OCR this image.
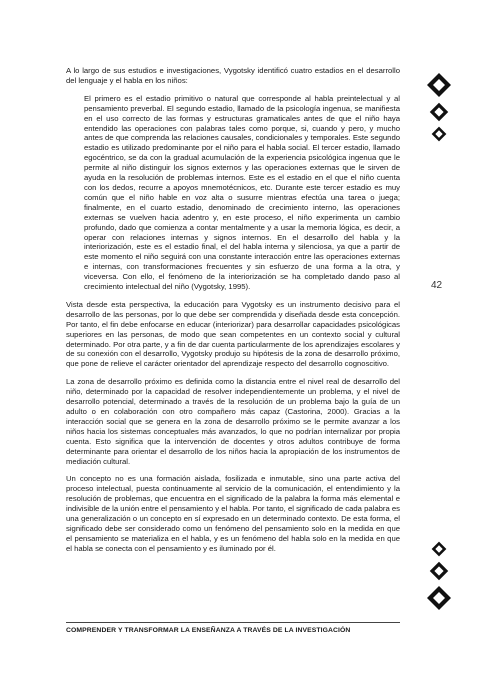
A lo largo de sus estudios e investigaciones, Vygotsky identificó cuatro estadios en el desarrollo del lenguaje y el habla en los niños:

El primero es el estadio primitivo o natural que corresponde al habla preintelectual y al pensamiento preverbal. El segundo estadio, llamado de la psicología ingenua, se manifiesta en el uso correcto de las formas y estructuras gramaticales antes de que el niño haya entendido las operaciones con palabras tales como porque, si, cuando y pero, y mucho antes de que comprenda las relaciones causales, condicionales y temporales. Este segundo estadio es utilizado predominante por el niño para el habla social. El tercer estadio, llamado egocéntrico, se da con la gradual acumulación de la experiencia psicológica ingenua que le permite al niño distinguir los signos externos y las operaciones externas que le sirven de ayuda en la resolución de problemas internos. Este es el estadio en el que el niño cuenta con los dedos, recurre a apoyos mnemotécnicos, etc. Durante este tercer estadio es muy común que el niño hable en voz alta o susurre mientras efectúa una tarea o juega; finalmente, en el cuarto estadio, denominado de crecimiento interno, las operaciones externas se vuelven hacia adentro y, en este proceso, el niño experimenta un cambio profundo, dado que comienza a contar mentalmente y a usar la memoria lógica, es decir, a operar con relaciones internas y signos internos. En el desarrollo del habla y la interiorización, este es el estadio final, el del habla interna y silenciosa, ya que a partir de este momento el niño seguirá con una constante interacción entre las operaciones externas e internas, con transformaciones frecuentes y sin esfuerzo de una forma a la otra, y viceversa. Con ello, el fenómeno de la interiorización se ha completado dando paso al crecimiento intelectual del niño (Vygotsky, 1995).

Vista desde esta perspectiva, la educación para Vygotsky es un instrumento decisivo para el desarrollo de las personas, por lo que debe ser comprendida y diseñada desde esta concepción. Por tanto, el fin debe enfocarse en educar (interiorizar) para desarrollar capacidades psicológicas superiores en las personas, de modo que sean competentes en un contexto social y cultural determinado. Por otra parte, y a fin de dar cuenta particularmente de los aprendizajes escolares y de su conexión con el desarrollo, Vygotsky produjo su hipótesis de la zona de desarrollo próximo, que pone de relieve el carácter orientador del aprendizaje respecto del desarrollo cognoscitivo.

La zona de desarrollo próximo es definida como la distancia entre el nivel real de desarrollo del niño, determinado por la capacidad de resolver independientemente un problema, y el nivel de desarrollo potencial, determinado a través de la resolución de un problema bajo la guía de un adulto o en colaboración con otro compañero más capaz (Castorina, 2000). Gracias a la interacción social que se genera en la zona de desarrollo próximo se le permite avanzar a los niños hacia los sistemas conceptuales más avanzados, lo que no podrían internalizar por propia cuenta. Esto significa que la intervención de docentes y otros adultos contribuye de forma determinante para orientar el desarrollo de los niños hacia la apropiación de los instrumentos de mediación cultural.

Un concepto no es una formación aislada, fosilizada e inmutable, sino una parte activa del proceso intelectual, puesta continuamente al servicio de la comunicación, el entendimiento y la resolución de problemas, que encuentra en el significado de la palabra la forma más elemental e indivisible de la unión entre el pensamiento y el habla. Por tanto, el significado de cada palabra es una generalización o un concepto en sí expresado en un determinado contexto. De esta forma, el significado debe ser considerado como un fenómeno del pensamiento solo en la medida en que el pensamiento se materializa en el habla, y es un fenómeno del habla solo en la medida en que el habla se conecta con el pensamiento y es iluminado por él.

42
COMPRENDER Y TRANSFORMAR LA ENSEÑANZA A TRAVÉS DE LA INVESTIGACIÓN
